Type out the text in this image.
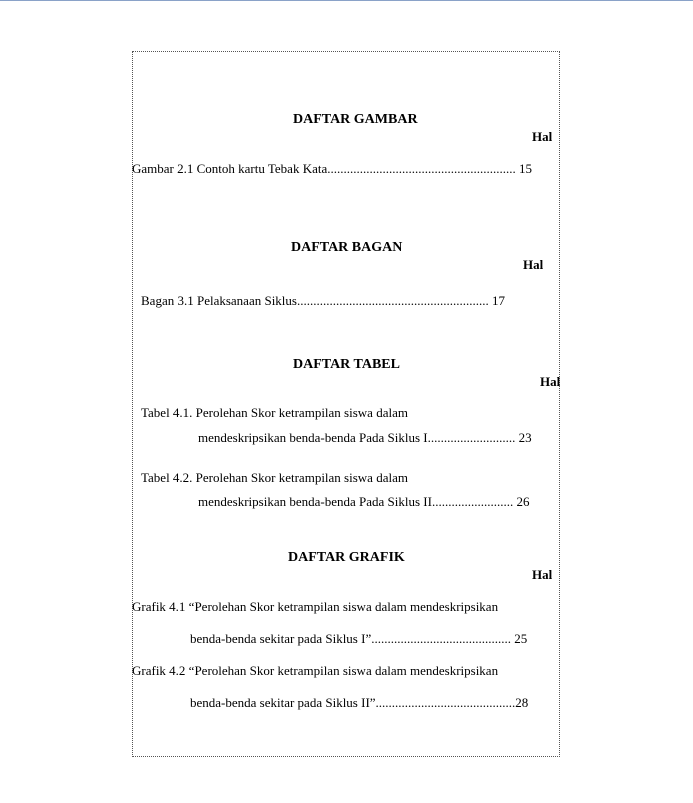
DAFTAR GAMBAR
Hal
Gambar 2.1 Contoh kartu Tebak Kata.......................................................... 15
DAFTAR BAGAN
Hal
Bagan 3.1 Pelaksanaan Siklus........................................................... 17
DAFTAR TABEL
Hal
Tabel 4.1. Perolehan Skor ketrampilan siswa dalam
mendeskripsikan benda-benda Pada Siklus I........................... 23
Tabel 4.2. Perolehan Skor ketrampilan siswa dalam
mendeskripsikan benda-benda Pada Siklus II......................... 26
DAFTAR GRAFIK
Hal
Grafik 4.1 “Perolehan Skor ketrampilan siswa dalam mendeskripsikan
benda-benda sekitar pada Siklus I”........................................... 25
Grafik 4.2 “Perolehan Skor ketrampilan siswa dalam mendeskripsikan
benda-benda sekitar pada Siklus II”...........................................28
